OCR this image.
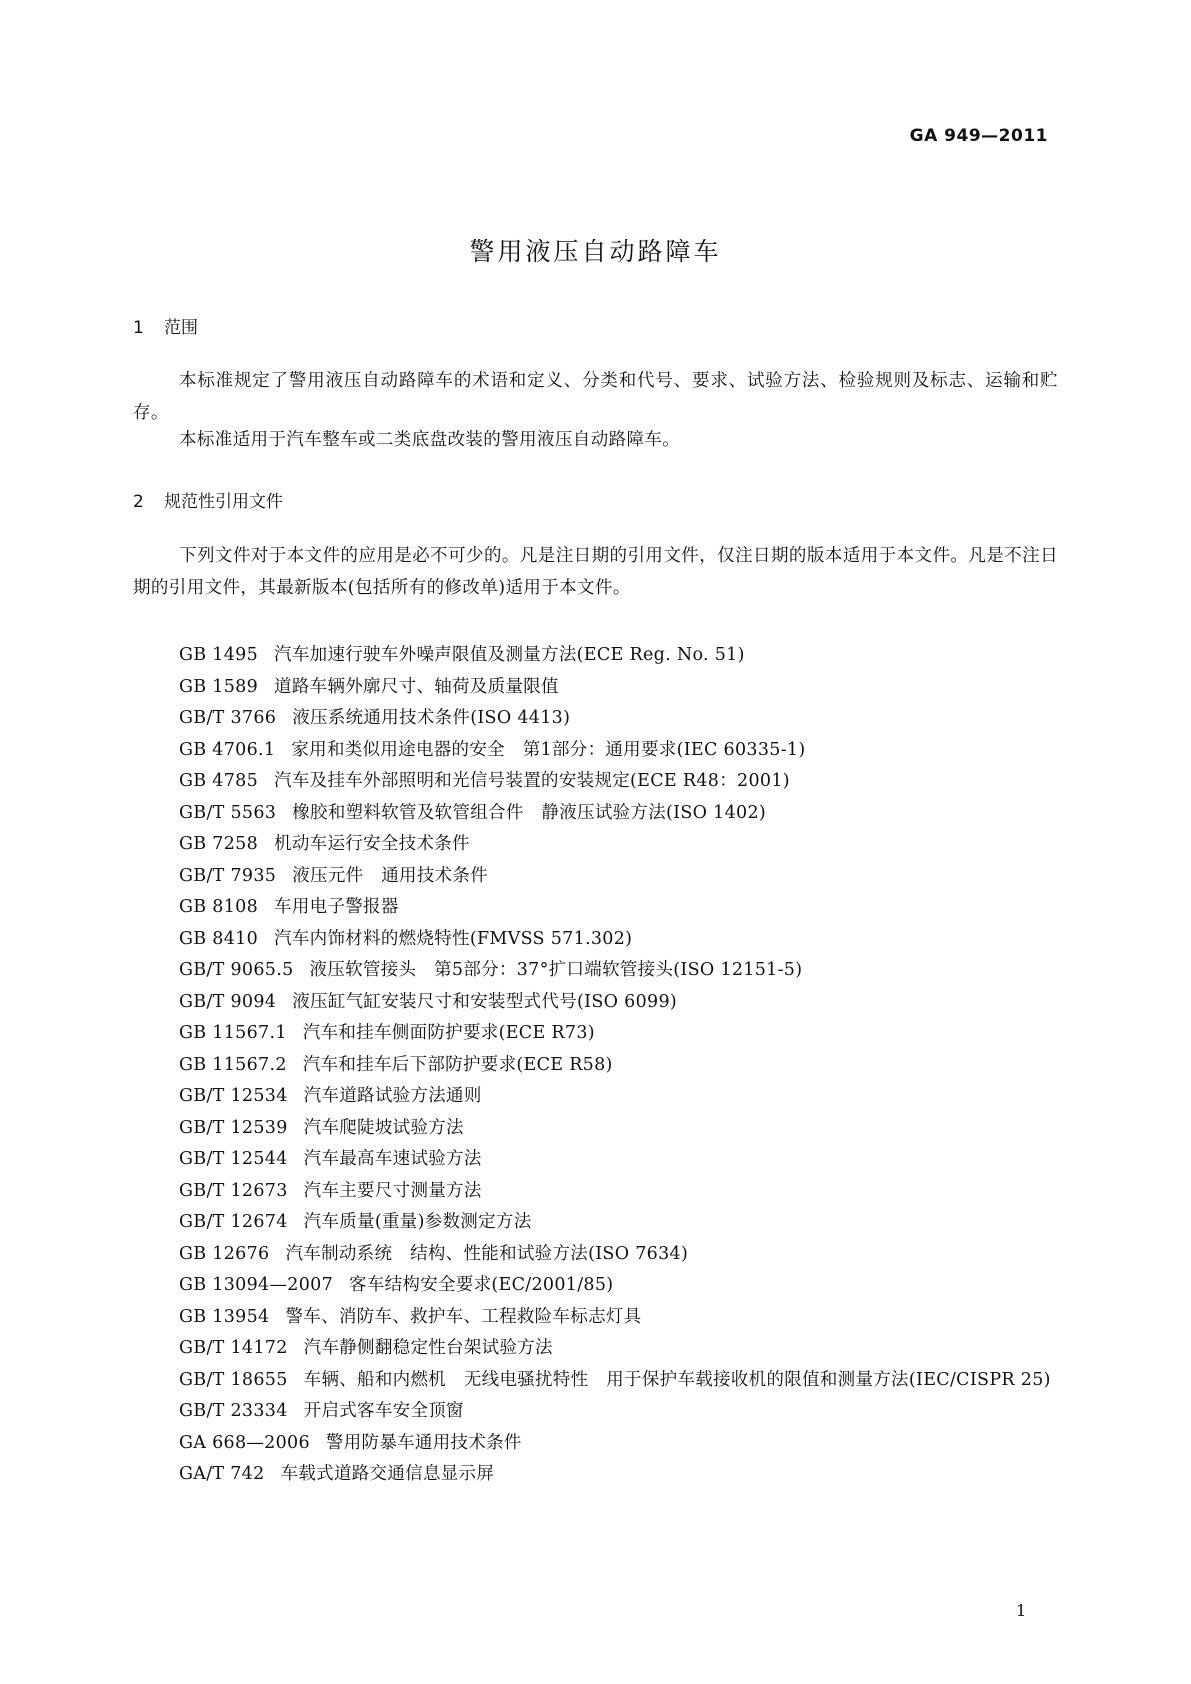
GA 949—2011
警用液压自动路障车
1 范围

本标准规定了警用液压自动路障车的术语和定义、分类和代号、要求、试验方法、检验规则及标志、运输和贮存。

本标准适用于汽车整车或二类底盘改装的警用液压自动路障车。

2 规范性引用文件

下列文件对于本文件的应用是必不可少的。凡是注日期的引用文件，仅注日期的版本适用于本文件。凡是不注日期的引用文件，其最新版本(包括所有的修改单)适用于本文件。

GB 1495 汽车加速行驶车外噪声限值及测量方法(ECE Reg. No. 51)
GB 1589 道路车辆外廓尺寸、轴荷及质量限值
GB/T 3766 液压系统通用技术条件(ISO 4413)
GB 4706.1 家用和类似用途电器的安全　第1部分：通用要求(IEC 60335-1)
GB 4785 汽车及挂车外部照明和光信号装置的安装规定(ECE R48：2001)
GB/T 5563 橡胶和塑料软管及软管组合件　静液压试验方法(ISO 1402)
GB 7258 机动车运行安全技术条件
GB/T 7935 液压元件　通用技术条件
GB 8108 车用电子警报器
GB 8410 汽车内饰材料的燃烧特性(FMVSS 571.302)
GB/T 9065.5 液压软管接头　第5部分：37°扩口端软管接头(ISO 12151-5)
GB/T 9094 液压缸气缸安装尺寸和安装型式代号(ISO 6099)
GB 11567.1 汽车和挂车侧面防护要求(ECE R73)
GB 11567.2 汽车和挂车后下部防护要求(ECE R58)
GB/T 12534 汽车道路试验方法通则
GB/T 12539 汽车爬陡坡试验方法
GB/T 12544 汽车最高车速试验方法
GB/T 12673 汽车主要尺寸测量方法
GB/T 12674 汽车质量(重量)参数测定方法
GB 12676 汽车制动系统　结构、性能和试验方法(ISO 7634)
GB 13094—2007 客车结构安全要求(EC/2001/85)
GB 13954 警车、消防车、救护车、工程救险车标志灯具
GB/T 14172 汽车静侧翻稳定性台架试验方法
GB/T 18655 车辆、船和内燃机　无线电骚扰特性　用于保护车载接收机的限值和测量方法(IEC/CISPR 25)
GB/T 23334 开启式客车安全顶窗
GA 668—2006 警用防暴车通用技术条件
GA/T 742 车载式道路交通信息显示屏
1
